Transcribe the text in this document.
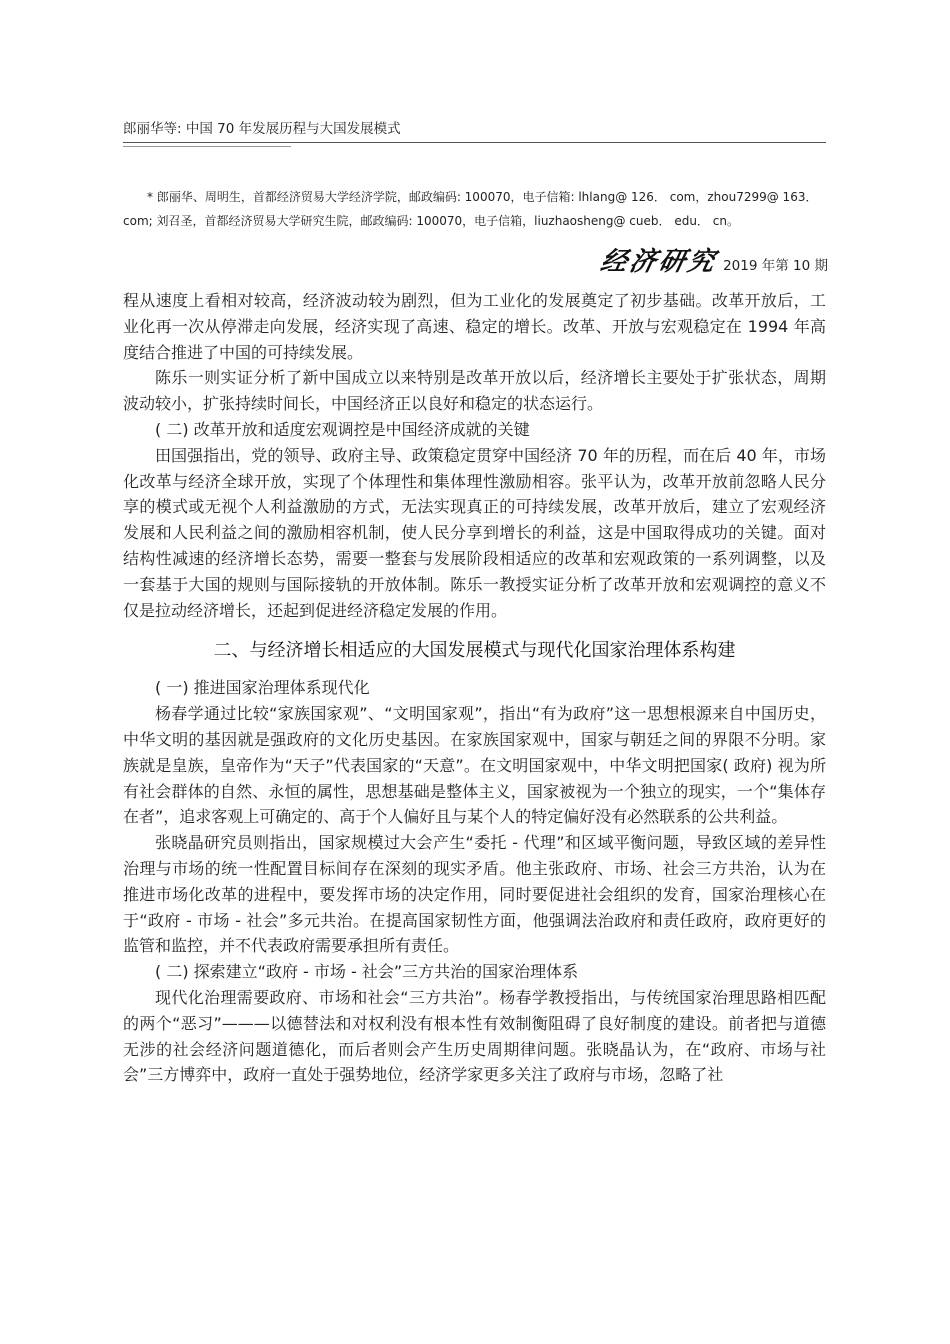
郎丽华等: 中国 70 年发展历程与大国发展模式
* 郎丽华、周明生，首都经济贸易大学经济学院，邮政编码: 100070，电子信箱: lhlang@ 126． com，zhou7299@ 163． com; 刘召圣，首都经济贸易大学研究生院，邮政编码: 100070，电子信箱，liuzhaosheng@ cueb． edu． cn。
经济研究 2019 年第 10 期

程从速度上看相对较高，经济波动较为剧烈，但为工业化的发展奠定了初步基础。改革开放后，工业化再一次从停滞走向发展，经济实现了高速、稳定的增长。改革、开放与宏观稳定在 1994 年高度结合推进了中国的可持续发展。

陈乐一则实证分析了新中国成立以来特别是改革开放以后，经济增长主要处于扩张状态，周期波动较小，扩张持续时间长，中国经济正以良好和稳定的状态运行。

( 二) 改革开放和适度宏观调控是中国经济成就的关键

田国强指出，党的领导、政府主导、政策稳定贯穿中国经济 70 年的历程，而在后 40 年，市场化改革与经济全球开放，实现了个体理性和集体理性激励相容。张平认为，改革开放前忽略人民分享的模式或无视个人利益激励的方式，无法实现真正的可持续发展，改革开放后，建立了宏观经济发展和人民利益之间的激励相容机制，使人民分享到增长的利益，这是中国取得成功的关键。面对结构性减速的经济增长态势，需要一整套与发展阶段相适应的改革和宏观政策的一系列调整，以及一套基于大国的规则与国际接轨的开放体制。陈乐一教授实证分析了改革开放和宏观调控的意义不仅是拉动经济增长，还起到促进经济稳定发展的作用。

二、与经济增长相适应的大国发展模式与现代化国家治理体系构建

( 一) 推进国家治理体系现代化

杨春学通过比较“家族国家观”、“文明国家观”，指出“有为政府”这一思想根源来自中国历史，中华文明的基因就是强政府的文化历史基因。在家族国家观中，国家与朝廷之间的界限不分明。家族就是皇族，皇帝作为“天子”代表国家的“天意”。在文明国家观中，中华文明把国家( 政府) 视为所有社会群体的自然、永恒的属性，思想基础是整体主义，国家被视为一个独立的现实，一个“集体存在者”，追求客观上可确定的、高于个人偏好且与某个人的特定偏好没有必然联系的公共利益。

张晓晶研究员则指出，国家规模过大会产生“委托 - 代理”和区域平衡问题，导致区域的差异性治理与市场的统一性配置目标间存在深刻的现实矛盾。他主张政府、市场、社会三方共治，认为在推进市场化改革的进程中，要发挥市场的决定作用，同时要促进社会组织的发育，国家治理核心在于“政府 - 市场 - 社会”多元共治。在提高国家韧性方面，他强调法治政府和责任政府，政府更好的监管和监控，并不代表政府需要承担所有责任。

( 二) 探索建立“政府 - 市场 - 社会”三方共治的国家治理体系

现代化治理需要政府、市场和社会“三方共治”。杨春学教授指出，与传统国家治理思路相匹配的两个“恶习”———以德替法和对权利没有根本性有效制衡阻碍了良好制度的建设。前者把与道德无涉的社会经济问题道德化，而后者则会产生历史周期律问题。张晓晶认为，在“政府、市场与社会”三方博弈中，政府一直处于强势地位，经济学家更多关注了政府与市场，忽略了社
